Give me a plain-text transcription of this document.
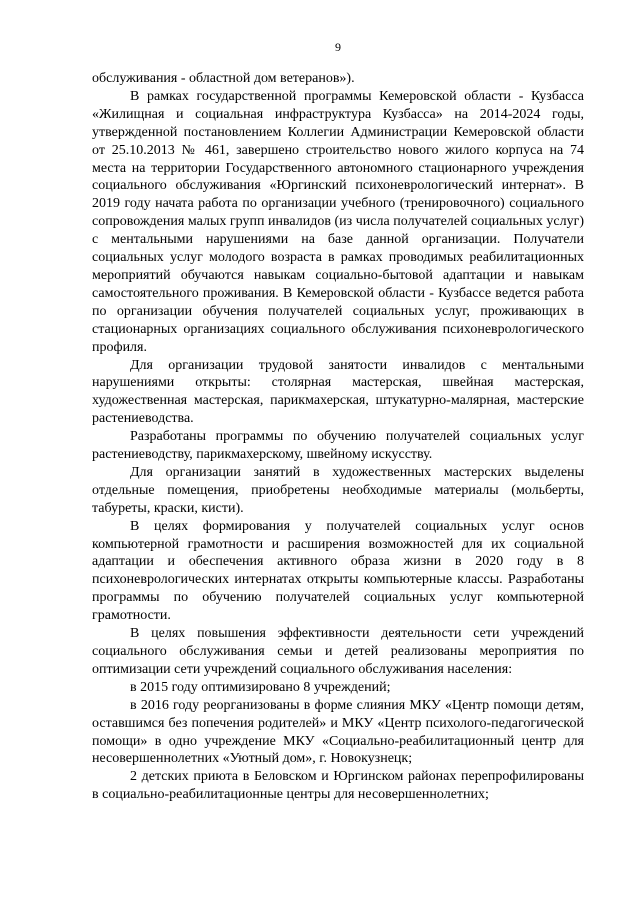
9

обслуживания - областной дом ветеранов»).

В рамках государственной программы Кемеровской области - Кузбасса «Жилищная и социальная инфраструктура Кузбасса» на 2014-2024 годы, утвержденной постановлением Коллегии Администрации Кемеровской области от 25.10.2013 № 461, завершено строительство нового жилого корпуса на 74 места на территории Государственного автономного стационарного учреждения социального обслуживания «Юргинский психоневрологический интернат». В 2019 году начата работа по организации учебного (тренировочного) социального сопровождения малых групп инвалидов (из числа получателей социальных услуг) с ментальными нарушениями на базе данной организации. Получатели социальных услуг молодого возраста в рамках проводимых реабилитационных мероприятий обучаются навыкам социально-бытовой адаптации и навыкам самостоятельного проживания. В Кемеровской области - Кузбассе ведется работа по организации обучения получателей социальных услуг, проживающих в стационарных организациях социального обслуживания психоневрологического профиля.

Для организации трудовой занятости инвалидов с ментальными нарушениями открыты: столярная мастерская, швейная мастерская, художественная мастерская, парикмахерская, штукатурно-малярная, мастерские растениеводства.

Разработаны программы по обучению получателей социальных услуг растениеводству, парикмахерскому, швейному искусству.

Для организации занятий в художественных мастерских выделены отдельные помещения, приобретены необходимые материалы (мольберты, табуреты, краски, кисти).

В целях формирования у получателей социальных услуг основ компьютерной грамотности и расширения возможностей для их социальной адаптации и обеспечения активного образа жизни в 2020 году в 8 психоневрологических интернатах открыты компьютерные классы. Разработаны программы по обучению получателей социальных услуг компьютерной грамотности.

В целях повышения эффективности деятельности сети учреждений социального обслуживания семьи и детей реализованы мероприятия по оптимизации сети учреждений социального обслуживания населения:

в 2015 году оптимизировано 8 учреждений;

в 2016 году реорганизованы в форме слияния МКУ «Центр помощи детям, оставшимся без попечения родителей» и МКУ «Центр психолого-педагогической помощи» в одно учреждение МКУ «Социально-реабилитационный центр для несовершеннолетних «Уютный дом», г. Новокузнецк;

2 детских приюта в Беловском и Юргинском районах перепрофилированы в социально-реабилитационные центры для несовершеннолетних;
